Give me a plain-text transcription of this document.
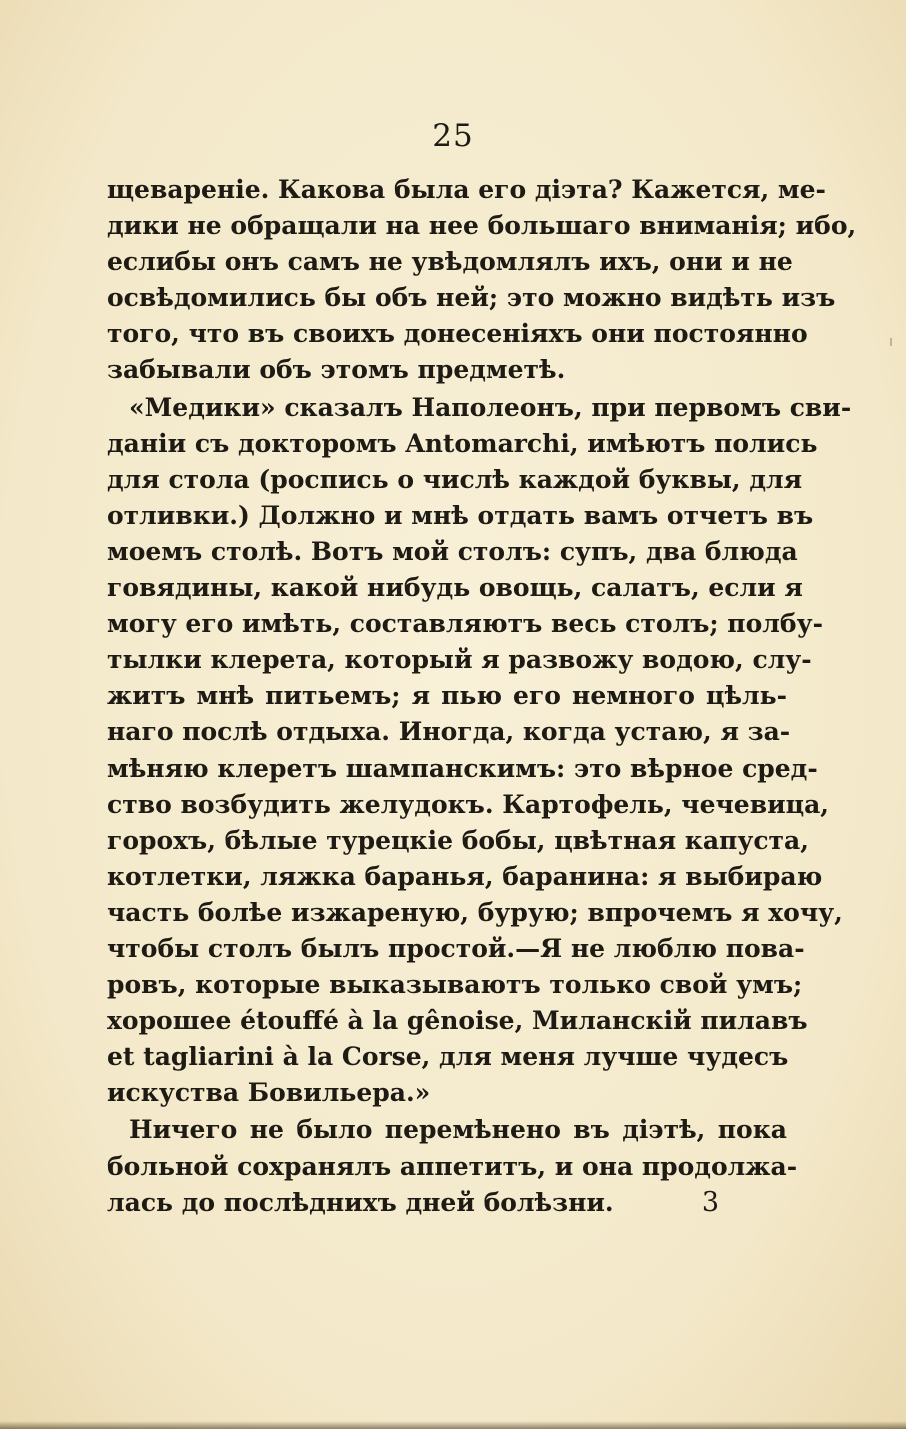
25
щевареніе. Какова была его діэта? Кажется, ме-
дики не обращали на нее большаго вниманія; ибо,
еслибы онъ самъ не увѣдомлялъ ихъ, они и не
освѣдомились бы объ ней; это можно видѣть изъ
того, что въ своихъ донесеніяхъ они постоянно
забывали объ этомъ предметѣ.
«Медики» сказалъ Наполеонъ, при первомъ сви-
даніи съ докторомъ Antomarchi, имѣютъ полись
для стола (роспись о числѣ каждой буквы, для
отливки.) Должно и мнѣ отдать вамъ отчетъ въ
моемъ столѣ. Вотъ мой столъ: супъ, два блюда
говядины, какой нибудь овощь, салатъ, если я
могу его имѣть, составляютъ весь столъ; полбу-
тылки клерета, который я развожу водою, слу-
житъ мнѣ питьемъ; я пью его немного цѣль-
наго послѣ отдыха. Иногда, когда устаю, я за-
мѣняю клеретъ шампанскимъ: это вѣрное сред-
ство возбудить желудокъ. Картофель, чечевица,
горохъ, бѣлые турецкіе бобы, цвѣтная капуста,
котлетки, ляжка баранья, баранина: я выбираю
часть болѣе изжареную, бурую; впрочемъ я хочу,
чтобы столъ былъ простой.—Я не люблю пова-
ровъ, которые выказываютъ только свой умъ;
хорошее étouffé à la gênoise, Миланскій пилавъ
et tagliarini à la Corse, для меня лучше чудесъ
искуства Бовильера.»
Ничего не было перемѣнено въ діэтѣ, пока
больной сохранялъ аппетитъ, и она продолжа-
лась до послѣднихъ дней болѣзни.	3
